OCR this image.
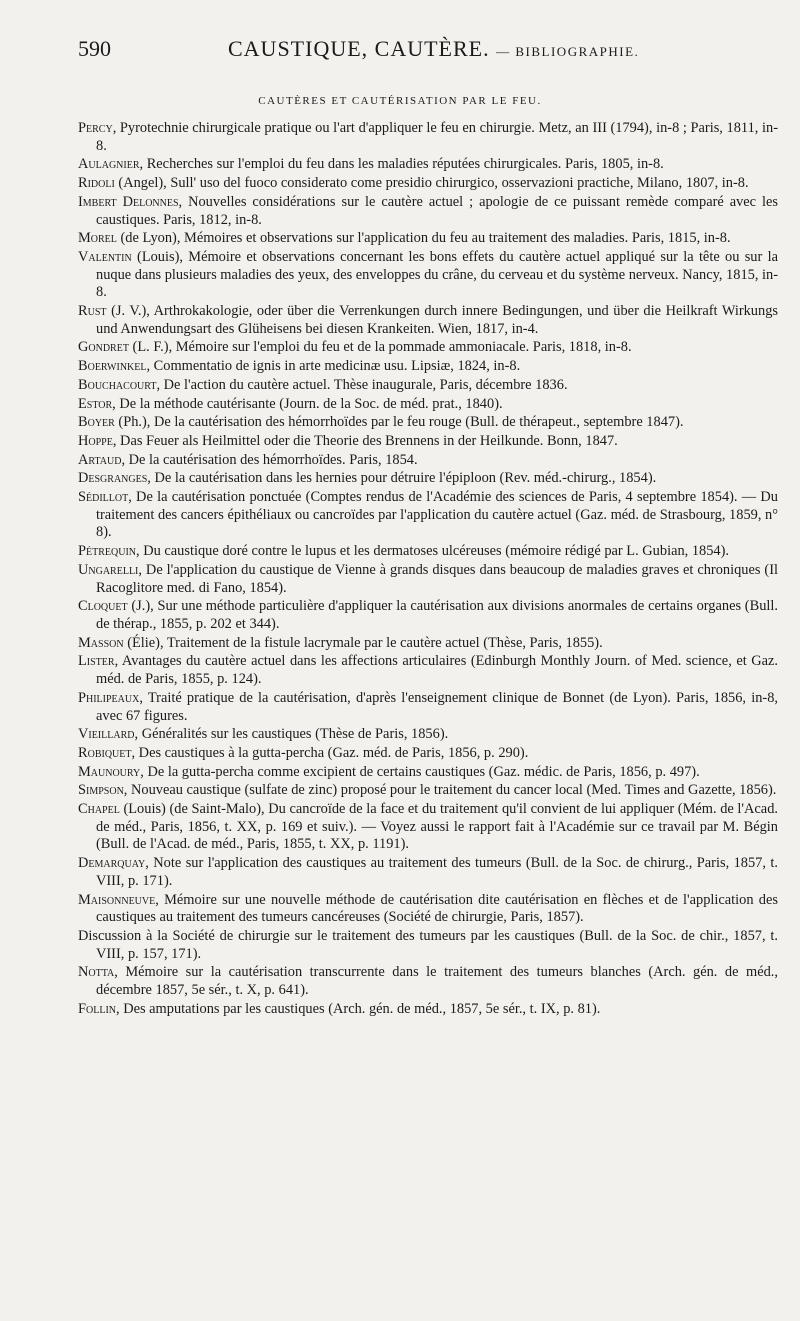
590	CAUSTIQUE, CAUTÈRE. — BIBLIOGRAPHIE.
CAUTÈRES ET CAUTÉRISATION PAR LE FEU.

Percy, Pyrotechnie chirurgicale pratique ou l'art d'appliquer le feu en chirurgie. Metz, an III (1794), in-8 ; Paris, 1811, in-8.

Aulagnier, Recherches sur l'emploi du feu dans les maladies réputées chirurgicales. Paris, 1805, in-8.

Ridoli (Angel), Sull' uso del fuoco considerato come presidio chirurgico, osservazioni practiche, Milano, 1807, in-8.

Imbert Delonnes, Nouvelles considérations sur le cautère actuel ; apologie de ce puissant remède comparé avec les caustiques. Paris, 1812, in-8.

Morel (de Lyon), Mémoires et observations sur l'application du feu au traitement des maladies. Paris, 1815, in-8.

Valentin (Louis), Mémoire et observations concernant les bons effets du cautère actuel appliqué sur la tête ou sur la nuque dans plusieurs maladies des yeux, des enveloppes du crâne, du cerveau et du système nerveux. Nancy, 1815, in-8.

Rust (J. V.), Arthrokakologie, oder über die Verrenkungen durch innere Bedingungen, und über die Heilkraft Wirkungs und Anwendungsart des Glüheisens bei diesen Krankeiten. Wien, 1817, in-4.

Gondret (L. F.), Mémoire sur l'emploi du feu et de la pommade ammoniacale. Paris, 1818, in-8.

Boerwinkel, Commentatio de ignis in arte medicinæ usu. Lipsiæ, 1824, in-8.

Bouchacourt, De l'action du cautère actuel. Thèse inaugurale, Paris, décembre 1836.

Estor, De la méthode cautérisante (Journ. de la Soc. de méd. prat., 1840).

Boyer (Ph.), De la cautérisation des hémorrhoïdes par le feu rouge (Bull. de thérapeut., septembre 1847).

Hoppe, Das Feuer als Heilmittel oder die Theorie des Brennens in der Heilkunde. Bonn, 1847.

Artaud, De la cautérisation des hémorrhoïdes. Paris, 1854.

Desgranges, De la cautérisation dans les hernies pour détruire l'épiploon (Rev. méd.-chirurg., 1854).

Sédillot, De la cautérisation ponctuée (Comptes rendus de l'Académie des sciences de Paris, 4 septembre 1854). — Du traitement des cancers épithéliaux ou cancroïdes par l'application du cautère actuel (Gaz. méd. de Strasbourg, 1859, n° 8).

Pétrequin, Du caustique doré contre le lupus et les dermatoses ulcéreuses (mémoire rédigé par L. Gubian, 1854).

Ungarelli, De l'application du caustique de Vienne à grands disques dans beaucoup de maladies graves et chroniques (Il Racoglitore med. di Fano, 1854).

Cloquet (J.), Sur une méthode particulière d'appliquer la cautérisation aux divisions anormales de certains organes (Bull. de thérap., 1855, p. 202 et 344).

Masson (Élie), Traitement de la fistule lacrymale par le cautère actuel (Thèse, Paris, 1855).

Lister, Avantages du cautère actuel dans les affections articulaires (Edinburgh Monthly Journ. of Med. science, et Gaz. méd. de Paris, 1855, p. 124).

Philipeaux, Traité pratique de la cautérisation, d'après l'enseignement clinique de Bonnet (de Lyon). Paris, 1856, in-8, avec 67 figures.

Vieillard, Généralités sur les caustiques (Thèse de Paris, 1856).

Robiquet, Des caustiques à la gutta-percha (Gaz. méd. de Paris, 1856, p. 290).

Maunoury, De la gutta-percha comme excipient de certains caustiques (Gaz. médic. de Paris, 1856, p. 497).

Simpson, Nouveau caustique (sulfate de zinc) proposé pour le traitement du cancer local (Med. Times and Gazette, 1856).

Chapel (Louis) (de Saint-Malo), Du cancroïde de la face et du traitement qu'il convient de lui appliquer (Mém. de l'Acad. de méd., Paris, 1856, t. XX, p. 169 et suiv.). — Voyez aussi le rapport fait à l'Académie sur ce travail par M. Bégin (Bull. de l'Acad. de méd., Paris, 1855, t. XX, p. 1191).

Demarquay, Note sur l'application des caustiques au traitement des tumeurs (Bull. de la Soc. de chirurg., Paris, 1857, t. VIII, p. 171).

Maisonneuve, Mémoire sur une nouvelle méthode de cautérisation dite cautérisation en flèches et de l'application des caustiques au traitement des tumeurs cancéreuses (Société de chirurgie, Paris, 1857).

Discussion à la Société de chirurgie sur le traitement des tumeurs par les caustiques (Bull. de la Soc. de chir., 1857, t. VIII, p. 157, 171).

Notta, Mémoire sur la cautérisation transcurrente dans le traitement des tumeurs blanches (Arch. gén. de méd., décembre 1857, 5e sér., t. X, p. 641).

Follin, Des amputations par les caustiques (Arch. gén. de méd., 1857, 5e sér., t. IX, p. 81).
